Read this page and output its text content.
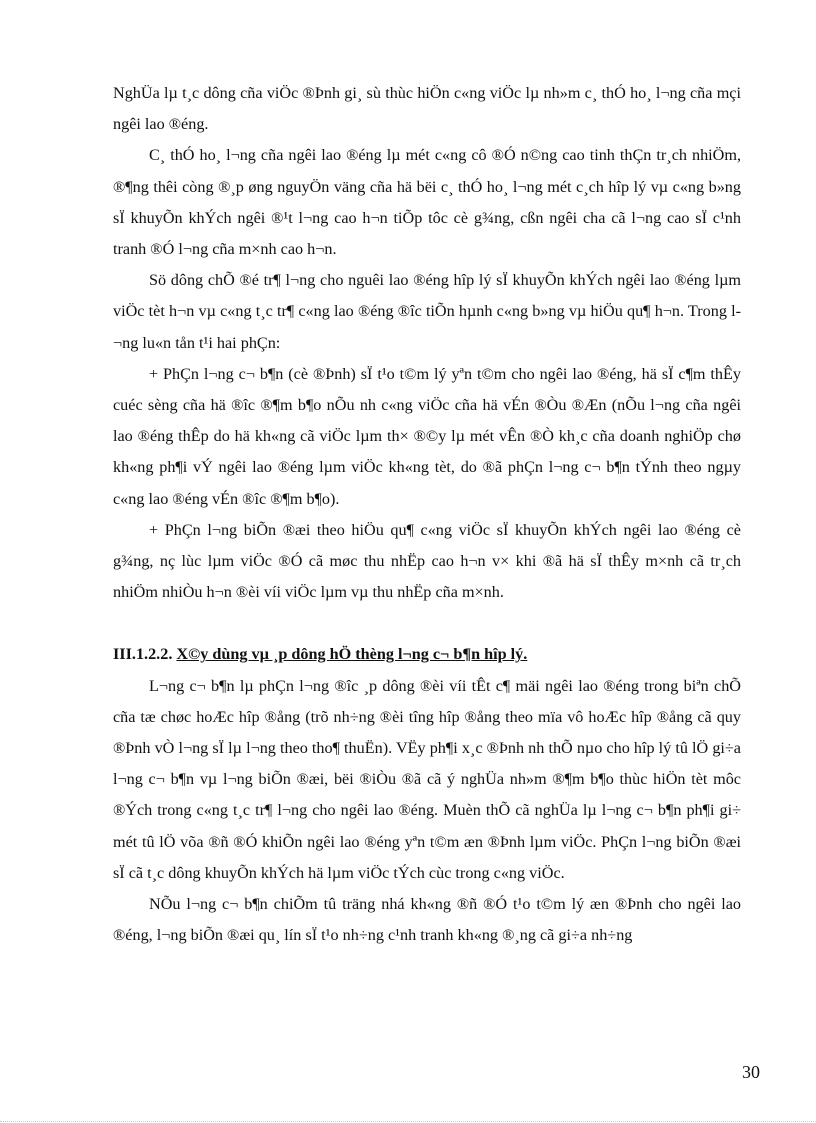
NghÜa lµ t¸c dông cña viÖc ®Þnh gi¸ sù thùc hiÖn c«ng viÖc lµ nh»m c¸ thÓ ho¸ l¬ng cña mçi ngêi lao ®éng.

C¸ thÓ ho¸ l¬ng cña ngêi lao ®éng lµ mét c«ng cô ®Ó n©ng cao tinh thÇn tr¸ch nhiÖm, ®¶ng thêi còng ®¸p øng nguyÖn väng cña hä bëi c¸ thÓ ho¸ l¬ng mét c¸ch hîp lý vµ c«ng b»ng sÏ khuyÕn khÝch ngêi ®¹t l¬ng cao h¬n tiÕp tôc cè g¾ng, cßn ngêi cha cã l¬ng cao sÏ c¹nh tranh ®Ó l¬ng cña m×nh cao h¬n.

Sö dông chÕ ®é tr¶ l¬ng cho nguêi lao ®éng hîp lý sÏ khuyÕn khÝch ngêi lao ®éng lµm viÖc tèt h¬n vµ c«ng t¸c tr¶ c«ng lao ®éng ®îc tiÕn hµnh c«ng b»ng vµ hiÖu qu¶ h¬n. Trong l¬ng lu«n tån t¹i hai phÇn:

+ PhÇn l¬ng c¬ b¶n (cè ®Þnh) sÏ t¹o t©m lý yªn t©m cho ngêi lao ®éng, hä sÏ c¶m thÊy cuéc sèng cña hä ®îc ®¶m b¶o nÕu nh c«ng viÖc cña hä vÉn ®Òu ®Æn (nÕu l¬ng cña ngêi lao ®éng thÊp do hä kh«ng cã viÖc lµm th× ®©y lµ mét vÊn ®Ò kh¸c cña doanh nghiÖp chø kh«ng ph¶i vÝ ngêi lao ®éng lµm viÖc kh«ng tèt, do ®ã phÇn l¬ng c¬ b¶n tÝnh theo ngµy c«ng lao ®éng vÉn ®îc ®¶m b¶o).

+ PhÇn l¬ng biÕn ®æi theo hiÖu qu¶ c«ng viÖc sÏ khuyÕn khÝch ngêi lao ®éng cè g¾ng, nç lùc lµm viÖc ®Ó cã møc thu nhËp cao h¬n v× khi ®ã hä sÏ thÊy m×nh cã tr¸ch nhiÖm nhiÒu h¬n ®èi víi viÖc lµm vµ thu nhËp cña m×nh.

III.1.2.2. X©y dùng vµ ¸p dông hÖ thèng l¬ng c¬ b¶n hîp lý.

L¬ng c¬ b¶n lµ phÇn l¬ng ®îc ¸p dông ®èi víi tÊt c¶ mäi ngêi lao ®éng trong biªn chÕ cña tæ chøc hoÆc hîp ®ång (trõ nh÷ng ®èi tîng hîp ®ång theo mïa vô hoÆc hîp ®ång cã quy ®Þnh vÒ l¬ng sÏ lµ l¬ng theo tho¶ thuËn). VËy ph¶i x¸c ®Þnh nh thÕ nµo cho hîp lý tû lÖ gi÷a l¬ng c¬ b¶n vµ l¬ng biÕn ®æi, bëi ®iÒu ®ã cã ý nghÜa nh»m ®¶m b¶o thùc hiÖn tèt môc ®Ých trong c«ng t¸c tr¶ l¬ng cho ngêi lao ®éng. Muèn thÕ cã nghÜa lµ l¬ng c¬ b¶n ph¶i gi÷ mét tû lÖ võa ®ñ ®Ó khiÕn ngêi lao ®éng yªn t©m æn ®Þnh lµm viÖc. PhÇn l¬ng biÕn ®æi sÏ cã t¸c dông khuyÕn khÝch hä lµm viÖc tÝch cùc trong c«ng viÖc.

NÕu l¬ng c¬ b¶n chiÕm tû träng nhá kh«ng ®ñ ®Ó t¹o t©m lý æn ®Þnh cho ngêi lao ®éng, l¬ng biÕn ®æi qu¸ lín sÏ t¹o nh÷ng c¹nh tranh kh«ng ®¸ng cã gi÷a nh÷ng

30
